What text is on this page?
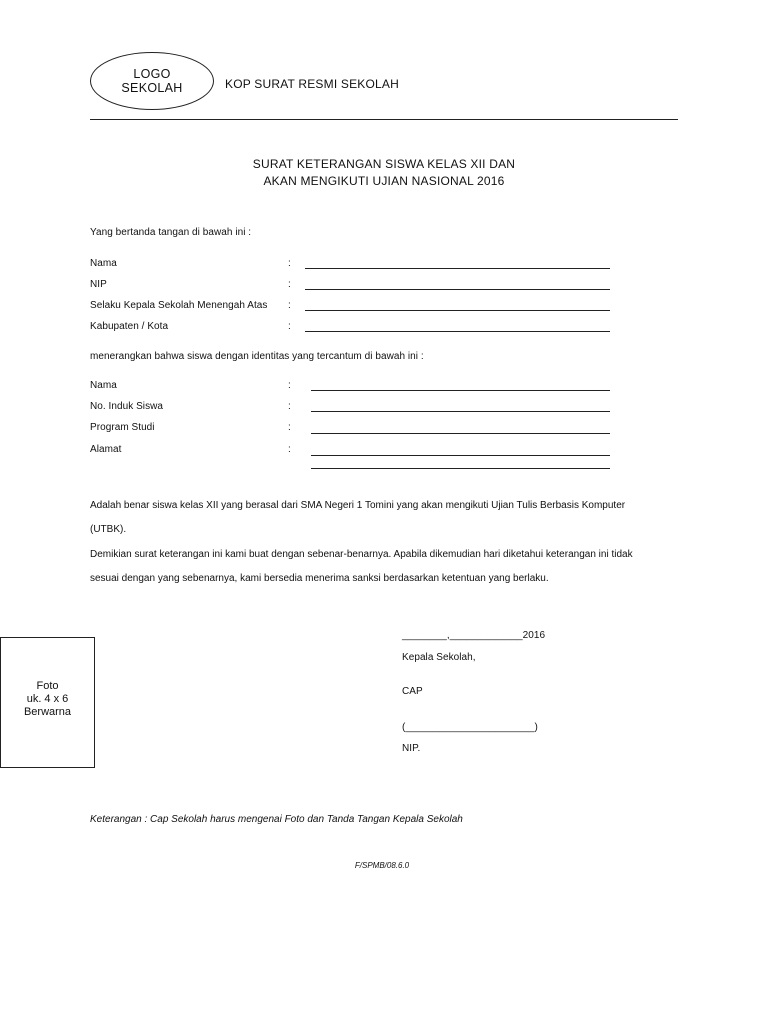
LOGO
SEKOLAH	KOP SURAT RESMI SEKOLAH
SURAT KETERANGAN SISWA KELAS XII DAN
AKAN MENGIKUTI UJIAN NASIONAL 2016
Yang bertanda tangan di bawah ini :
Nama	:
NIP	:
Selaku Kepala Sekolah Menengah Atas :
Kabupaten / Kota	:
menerangkan bahwa siswa dengan identitas yang tercantum di bawah ini :
Nama	:
No. Induk Siswa	:
Program Studi	:
Alamat	:
Adalah benar siswa kelas XII yang berasal dari SMA Negeri 1 Tomini yang akan mengikuti Ujian Tulis Berbasis Komputer
(UTBK).
Demikian surat keterangan ini kami buat dengan sebenar-benarnya. Apabila dikemudian hari diketahui keterangan ini tidak
sesuai dengan yang sebenarnya, kami bersedia menerima sanksi berdasarkan ketentuan yang berlaku.
Foto
uk. 4 x 6
Berwarna
________,_____________2016
Kepala Sekolah,
CAP
(_______________________)
NIP.
Keterangan : Cap Sekolah harus mengenai Foto dan Tanda Tangan Kepala Sekolah
F/SPMB/08.6.0
